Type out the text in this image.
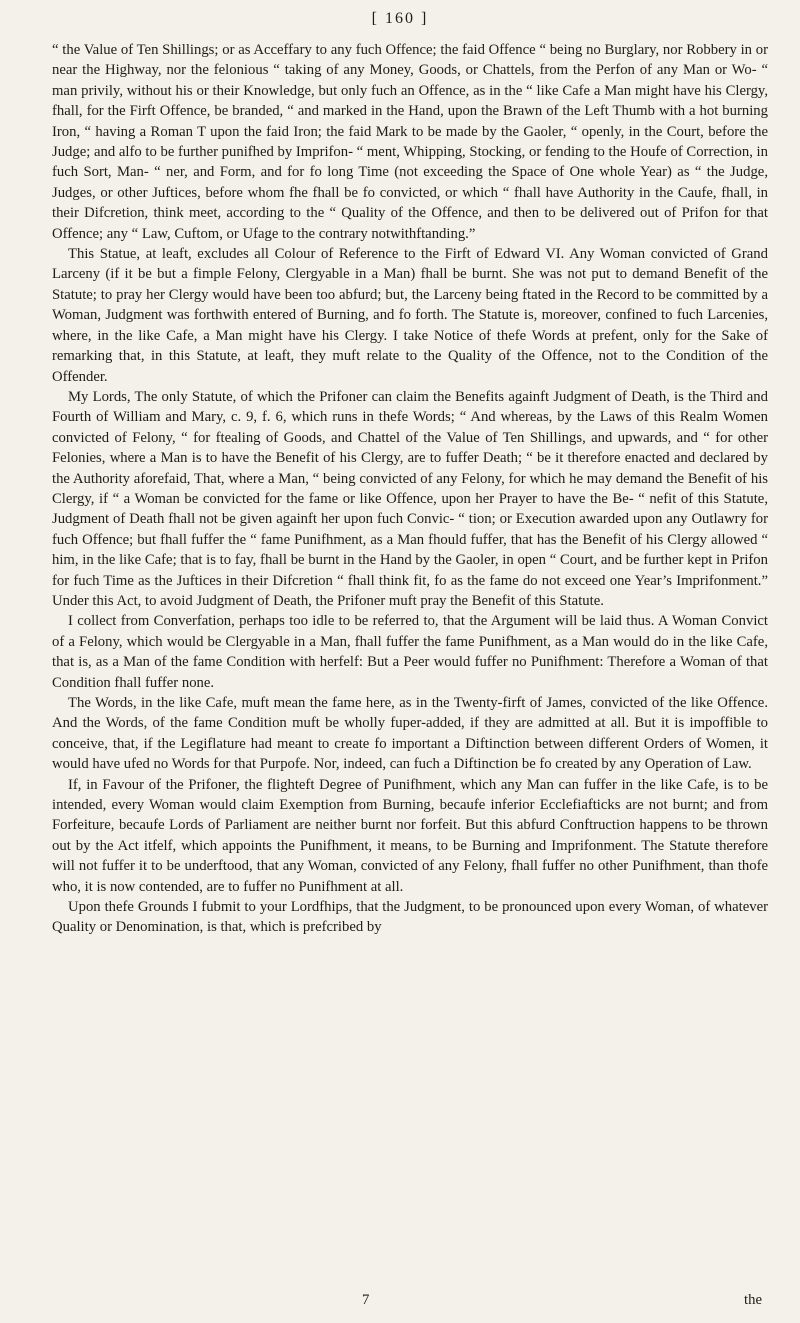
[ 160 ]

“ the Value of Ten Shillings; or as Acceffary to any fuch Offence; the faid Offence “ being no Burglary, nor Robbery in or near the Highway, nor the felonious “ taking of any Money, Goods, or Chattels, from the Perfon of any Man or Wo- “ man privily, without his or their Knowledge, but only fuch an Offence, as in the “ like Cafe a Man might have his Clergy, fhall, for the Firft Offence, be branded, “ and marked in the Hand, upon the Brawn of the Left Thumb with a hot burning Iron, “ having a Roman T upon the faid Iron; the faid Mark to be made by the Gaoler, “ openly, in the Court, before the Judge; and alfo to be further punifhed by Imprifon- “ ment, Whipping, Stocking, or fending to the Houfe of Correction, in fuch Sort, Man- “ ner, and Form, and for fo long Time (not exceeding the Space of One whole Year) as “ the Judge, Judges, or other Juftices, before whom fhe fhall be fo convicted, or which “ fhall have Authority in the Caufe, fhall, in their Difcretion, think meet, according to the “ Quality of the Offence, and then to be delivered out of Prifon for that Offence; any “ Law, Cuftom, or Ufage to the contrary notwithftanding.”

This Statue, at leaft, excludes all Colour of Reference to the Firft of Edward VI. Any Woman convicted of Grand Larceny (if it be but a fimple Felony, Clergyable in a Man) fhall be burnt. She was not put to demand Benefit of the Statute; to pray her Clergy would have been too abfurd; but, the Larceny being ftated in the Record to be committed by a Woman, Judgment was forthwith entered of Burning, and fo forth. The Statute is, moreover, confined to fuch Larcenies, where, in the like Cafe, a Man might have his Clergy. I take Notice of thefe Words at prefent, only for the Sake of remarking that, in this Statute, at leaft, they muft relate to the Quality of the Offence, not to the Condition of the Offender.

My Lords, The only Statute, of which the Prifoner can claim the Benefits againft Judgment of Death, is the Third and Fourth of William and Mary, c. 9, f. 6, which runs in thefe Words; “ And whereas, by the Laws of this Realm Women convicted of Felony, “ for ftealing of Goods, and Chattel of the Value of Ten Shillings, and upwards, and “ for other Felonies, where a Man is to have the Benefit of his Clergy, are to fuffer Death; “ be it therefore enacted and declared by the Authority aforefaid, That, where a Man, “ being convicted of any Felony, for which he may demand the Benefit of his Clergy, if “ a Woman be convicted for the fame or like Offence, upon her Prayer to have the Be- “ nefit of this Statute, Judgment of Death fhall not be given againft her upon fuch Convic- “ tion; or Execution awarded upon any Outlawry for fuch Offence; but fhall fuffer the “ fame Punifhment, as a Man fhould fuffer, that has the Benefit of his Clergy allowed “ him, in the like Cafe; that is to fay, fhall be burnt in the Hand by the Gaoler, in open “ Court, and be further kept in Prifon for fuch Time as the Juftices in their Difcretion “ fhall think fit, fo as the fame do not exceed one Year’s Imprifonment.” Under this Act, to avoid Judgment of Death, the Prifoner muft pray the Benefit of this Statute.

I collect from Converfation, perhaps too idle to be referred to, that the Argument will be laid thus. A Woman Convict of a Felony, which would be Clergyable in a Man, fhall fuffer the fame Punifhment, as a Man would do in the like Cafe, that is, as a Man of the fame Condition with herfelf: But a Peer would fuffer no Punifhment: Therefore a Woman of that Condition fhall fuffer none.

The Words, in the like Cafe, muft mean the fame here, as in the Twenty-firft of James, convicted of the like Offence. And the Words, of the fame Condition muft be wholly fuper-added, if they are admitted at all. But it is impoffible to conceive, that, if the Legiflature had meant to create fo important a Diftinction between different Orders of Women, it would have ufed no Words for that Purpofe. Nor, indeed, can fuch a Diftinction be fo created by any Operation of Law.

If, in Favour of the Prifoner, the flighteft Degree of Punifhment, which any Man can fuffer in the like Cafe, is to be intended, every Woman would claim Exemption from Burning, becaufe inferior Ecclefiafticks are not burnt; and from Forfeiture, becaufe Lords of Parliament are neither burnt nor forfeit. But this abfurd Conftruction happens to be thrown out by the Act itfelf, which appoints the Punifhment, it means, to be Burning and Imprifonment. The Statute therefore will not fuffer it to be underftood, that any Woman, convicted of any Felony, fhall fuffer no other Punifhment, than thofe who, it is now contended, are to fuffer no Punifhment at all.

Upon thefe Grounds I fubmit to your Lordfhips, that the Judgment, to be pronounced upon every Woman, of whatever Quality or Denomination, is that, which is prefcribed by

7	the
